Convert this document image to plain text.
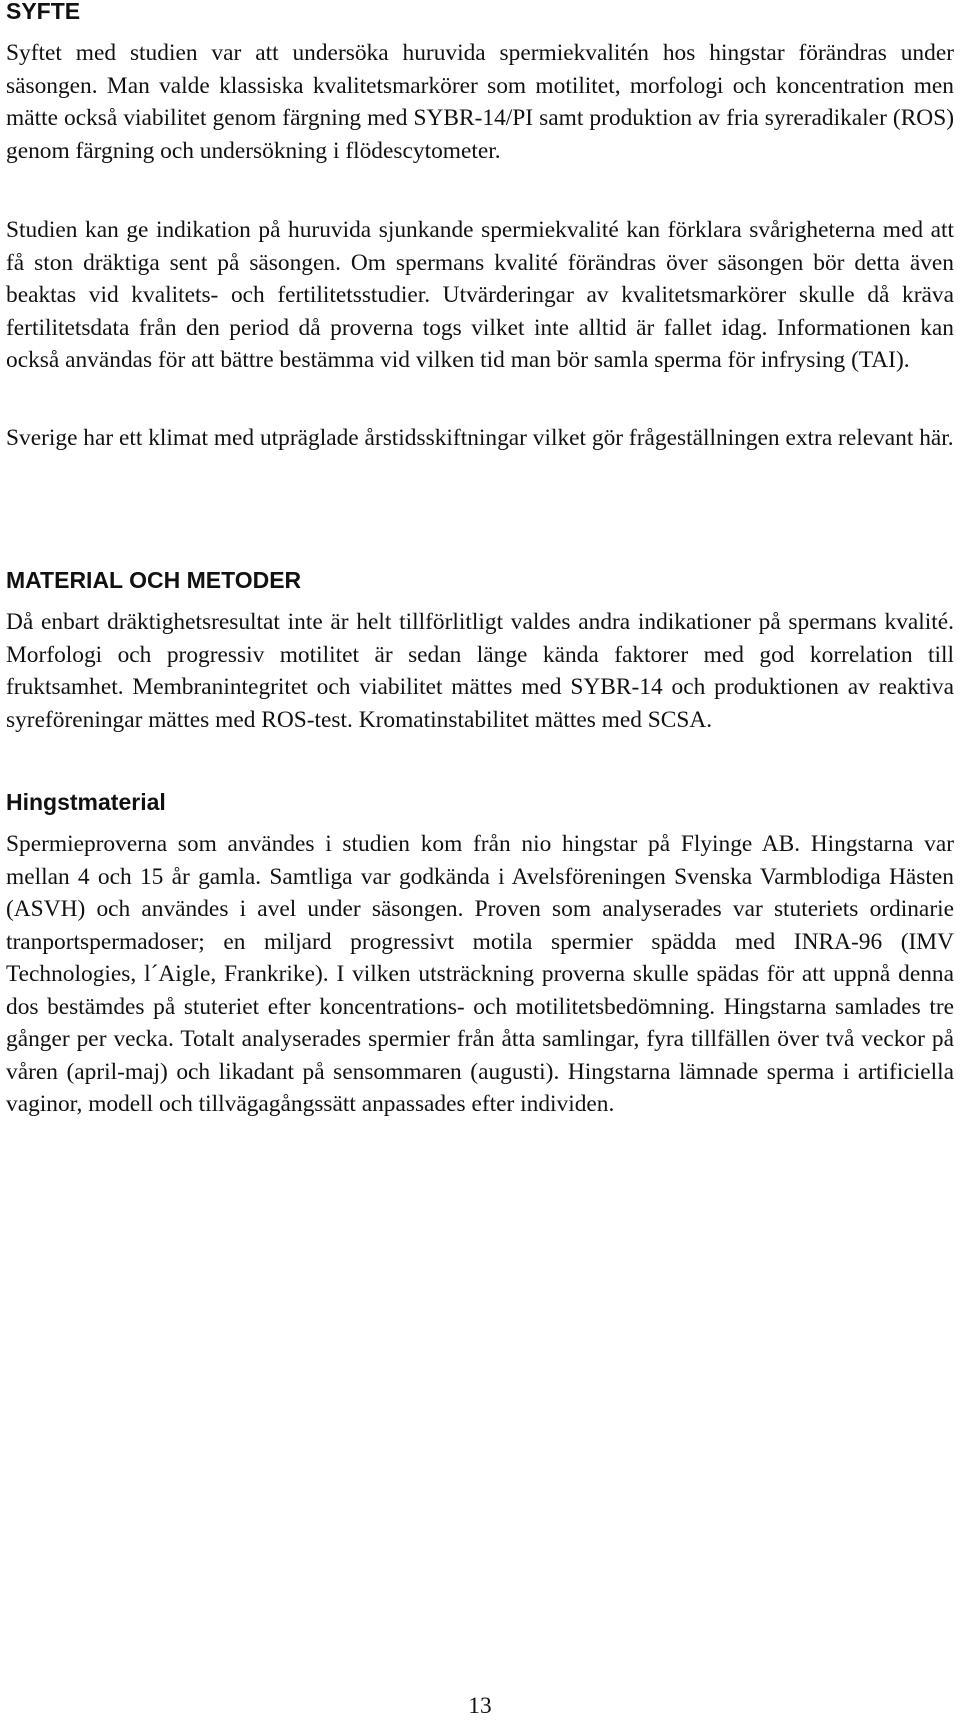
SYFTE

Syftet med studien var att undersöka huruvida spermiekvalitén hos hingstar förändras under säsongen. Man valde klassiska kvalitetsmarkörer som motilitet, morfologi och koncentration men mätte också viabilitet genom färgning med SYBR-14/PI samt produktion av fria syreradikaler (ROS) genom färgning och undersökning i flödescytometer.

Studien kan ge indikation på huruvida sjunkande spermiekvalité kan förklara svårigheterna med att få ston dräktiga sent på säsongen. Om spermans kvalité förändras över säsongen bör detta även beaktas vid kvalitets- och fertilitetsstudier. Utvärderingar av kvalitetsmarkörer skulle då kräva fertilitetsdata från den period då proverna togs vilket inte alltid är fallet idag. Informationen kan också användas för att bättre bestämma vid vilken tid man bör samla sperma för infrysing (TAI).

Sverige har ett klimat med utpräglade årstidsskiftningar vilket gör frågeställningen extra relevant här.

MATERIAL OCH METODER

Då enbart dräktighetsresultat inte är helt tillförlitligt valdes andra indikationer på spermans kvalité. Morfologi och progressiv motilitet är sedan länge kända faktorer med god korrelation till fruktsamhet. Membranintegritet och viabilitet mättes med SYBR-14 och produktionen av reaktiva syreföreningar mättes med ROS-test. Kromatinstabilitet mättes med SCSA.

Hingstmaterial

Spermieproverna som användes i studien kom från nio hingstar på Flyinge AB. Hingstarna var mellan 4 och 15 år gamla. Samtliga var godkända i Avelsföreningen Svenska Varmblodiga Hästen (ASVH) och användes i avel under säsongen. Proven som analyserades var stuteriets ordinarie tranportspermadoser; en miljard progressivt motila spermier spädda med INRA-96 (IMV Technologies, l´Aigle, Frankrike). I vilken utsträckning proverna skulle spädas för att uppnå denna dos bestämdes på stuteriet efter koncentrations- och motilitetsbedömning. Hingstarna samlades tre gånger per vecka. Totalt analyserades spermier från åtta samlingar, fyra tillfällen över två veckor på våren (april-maj) och likadant på sensommaren (augusti). Hingstarna lämnade sperma i artificiella vaginor, modell och tillvägagångssätt anpassades efter individen.

13
